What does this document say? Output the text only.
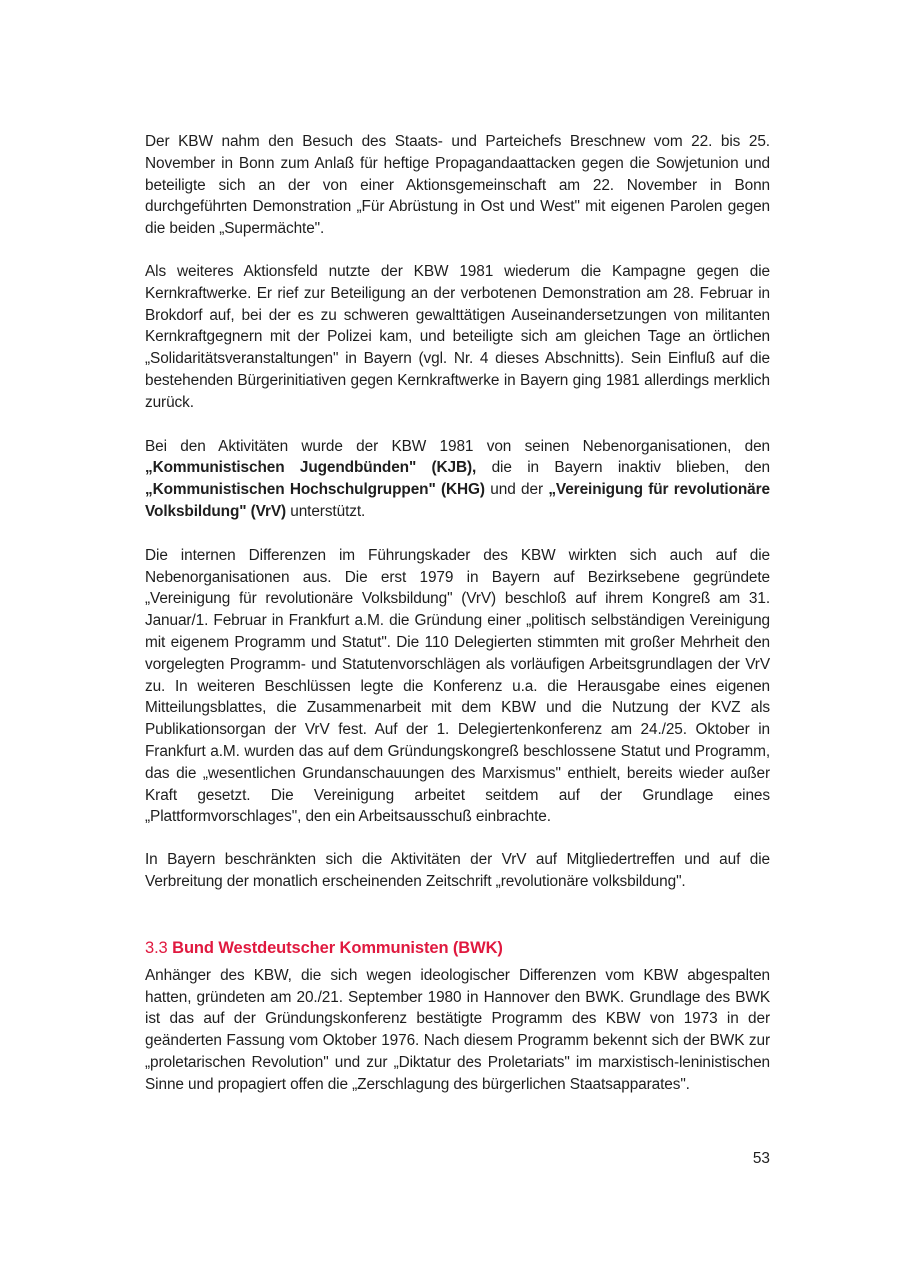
Der KBW nahm den Besuch des Staats- und Parteichefs Breschnew vom 22. bis 25. November in Bonn zum Anlaß für heftige Propagandaattacken gegen die Sowjetunion und beteiligte sich an der von einer Aktionsgemeinschaft am 22. November in Bonn durchgeführten Demonstration „Für Abrüstung in Ost und West" mit eigenen Parolen gegen die beiden „Supermächte".

Als weiteres Aktionsfeld nutzte der KBW 1981 wiederum die Kampagne gegen die Kernkraftwerke. Er rief zur Beteiligung an der verbotenen Demonstration am 28. Februar in Brokdorf auf, bei der es zu schweren gewalttätigen Auseinandersetzungen von militanten Kernkraftgegnern mit der Polizei kam, und beteiligte sich am gleichen Tage an örtlichen „Solidaritätsveranstaltungen" in Bayern (vgl. Nr. 4 dieses Abschnitts). Sein Einfluß auf die bestehenden Bürgerinitiativen gegen Kernkraftwerke in Bayern ging 1981 allerdings merklich zurück.

Bei den Aktivitäten wurde der KBW 1981 von seinen Nebenorganisationen, den „Kommunistischen Jugendbünden" (KJB), die in Bayern inaktiv blieben, den „Kommunistischen Hochschulgruppen" (KHG) und der „Vereinigung für revolutionäre Volksbildung" (VrV) unterstützt.

Die internen Differenzen im Führungskader des KBW wirkten sich auch auf die Nebenorganisationen aus. Die erst 1979 in Bayern auf Bezirksebene gegründete „Vereinigung für revolutionäre Volksbildung" (VrV) beschloß auf ihrem Kongreß am 31. Januar/1. Februar in Frankfurt a.M. die Gründung einer „politisch selbständigen Vereinigung mit eigenem Programm und Statut". Die 110 Delegierten stimmten mit großer Mehrheit den vorgelegten Programm- und Statutenvorschlägen als vorläufigen Arbeitsgrundlagen der VrV zu. In weiteren Beschlüssen legte die Konferenz u.a. die Herausgabe eines eigenen Mitteilungsblattes, die Zusammenarbeit mit dem KBW und die Nutzung der KVZ als Publikationsorgan der VrV fest. Auf der 1. Delegiertenkonferenz am 24./25. Oktober in Frankfurt a.M. wurden das auf dem Gründungskongreß beschlossene Statut und Programm, das die „wesentlichen Grundanschauungen des Marxismus" enthielt, bereits wieder außer Kraft gesetzt. Die Vereinigung arbeitet seitdem auf der Grundlage eines „Plattformvorschlages", den ein Arbeitsausschuß einbrachte.

In Bayern beschränkten sich die Aktivitäten der VrV auf Mitgliedertreffen und auf die Verbreitung der monatlich erscheinenden Zeitschrift „revolutionäre volksbildung".

3.3 Bund Westdeutscher Kommunisten (BWK)

Anhänger des KBW, die sich wegen ideologischer Differenzen vom KBW abgespalten hatten, gründeten am 20./21. September 1980 in Hannover den BWK. Grundlage des BWK ist das auf der Gründungskonferenz bestätigte Programm des KBW von 1973 in der geänderten Fassung vom Oktober 1976. Nach diesem Programm bekennt sich der BWK zur „proletarischen Revolution" und zur „Diktatur des Proletariats" im marxistisch-leninistischen Sinne und propagiert offen die „Zerschlagung des bürgerlichen Staatsapparates".

53
